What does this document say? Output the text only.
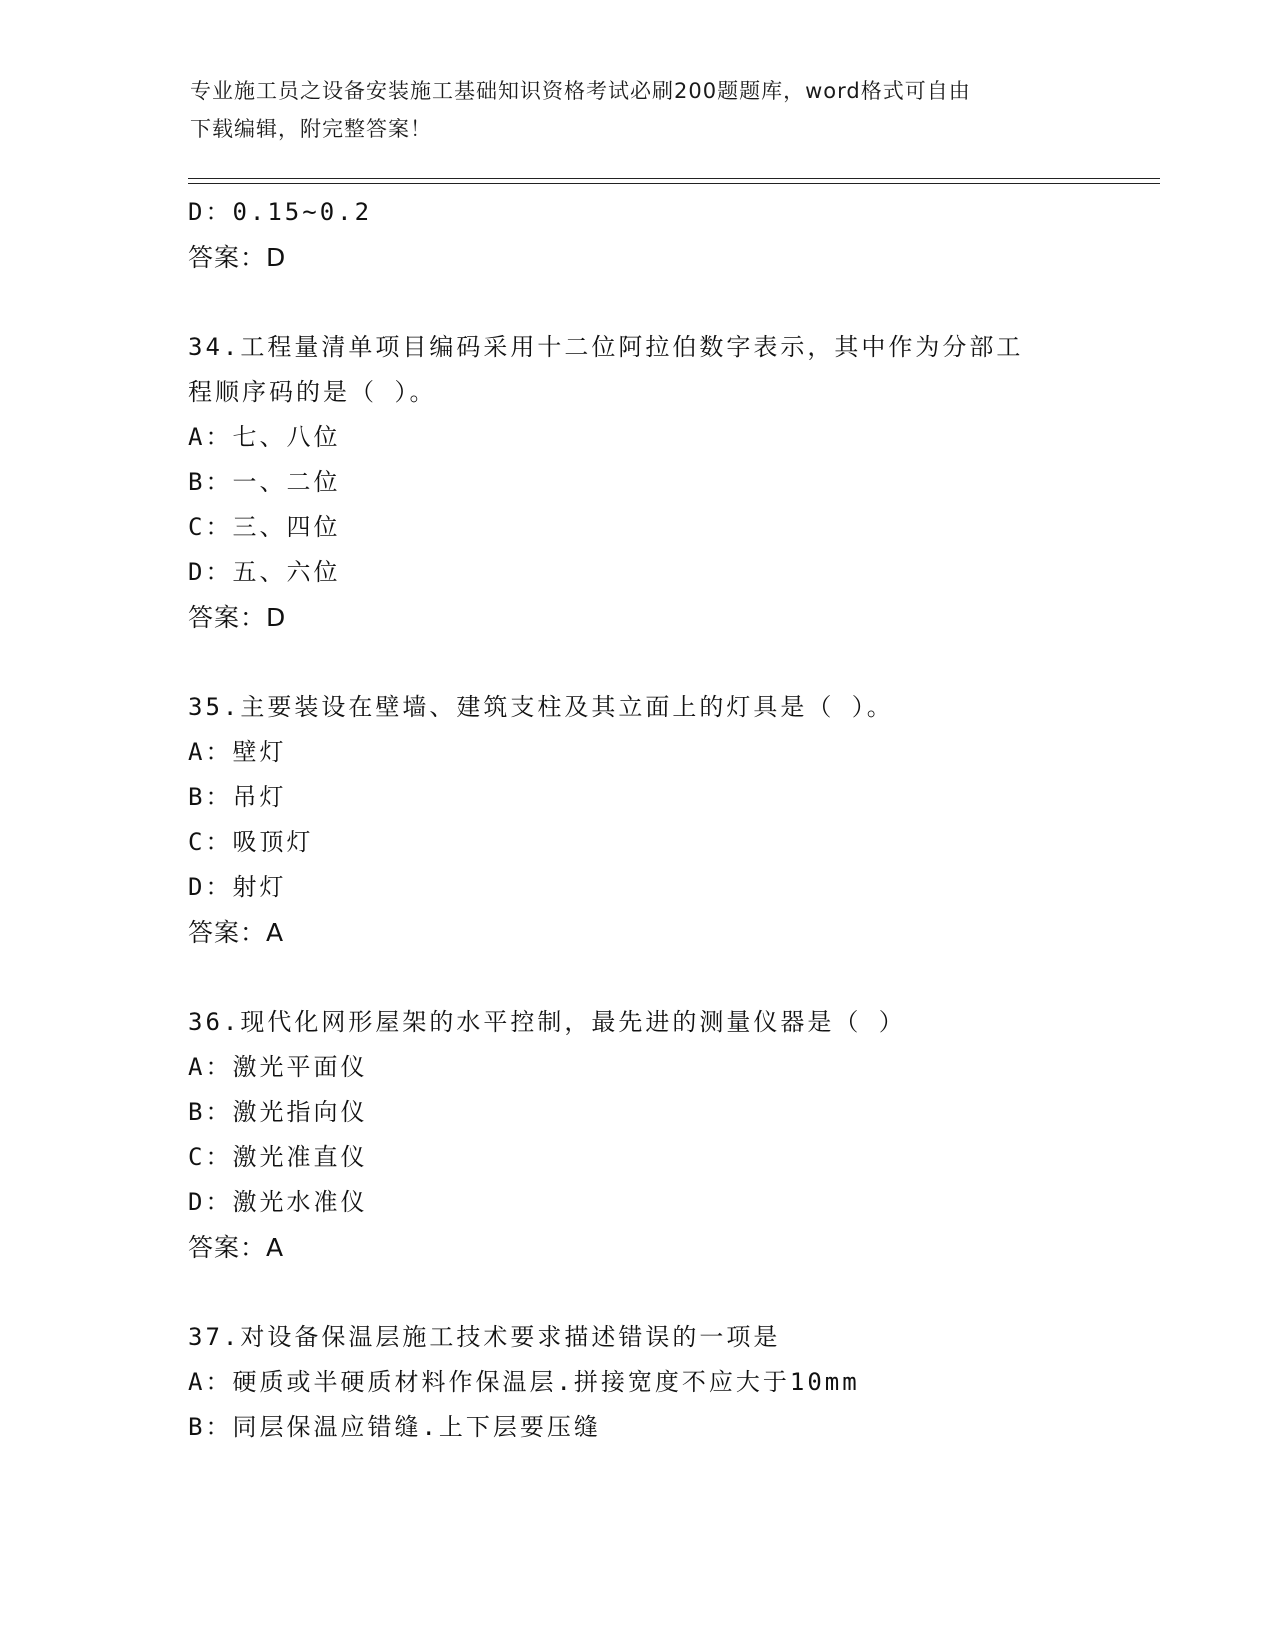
专业施工员之设备安装施工基础知识资格考试必刷200题题库，word格式可自由
下载编辑，附完整答案！
D：0.15~0.2
答案：D
34.工程量清单项目编码采用十二位阿拉伯数字表示，其中作为分部工
程顺序码的是（ ）。
A：七、八位
B：一、二位
C：三、四位
D：五、六位
答案：D
35.主要装设在壁墙、建筑支柱及其立面上的灯具是（ ）。
A：壁灯
B：吊灯
C：吸顶灯
D：射灯
答案：A
36.现代化网形屋架的水平控制，最先进的测量仪器是（ ）
A：激光平面仪
B：激光指向仪
C：激光准直仪
D：激光水准仪
答案：A
37.对设备保温层施工技术要求描述错误的一项是
A：硬质或半硬质材料作保温层.拼接宽度不应大于10mm
B：同层保温应错缝.上下层要压缝
